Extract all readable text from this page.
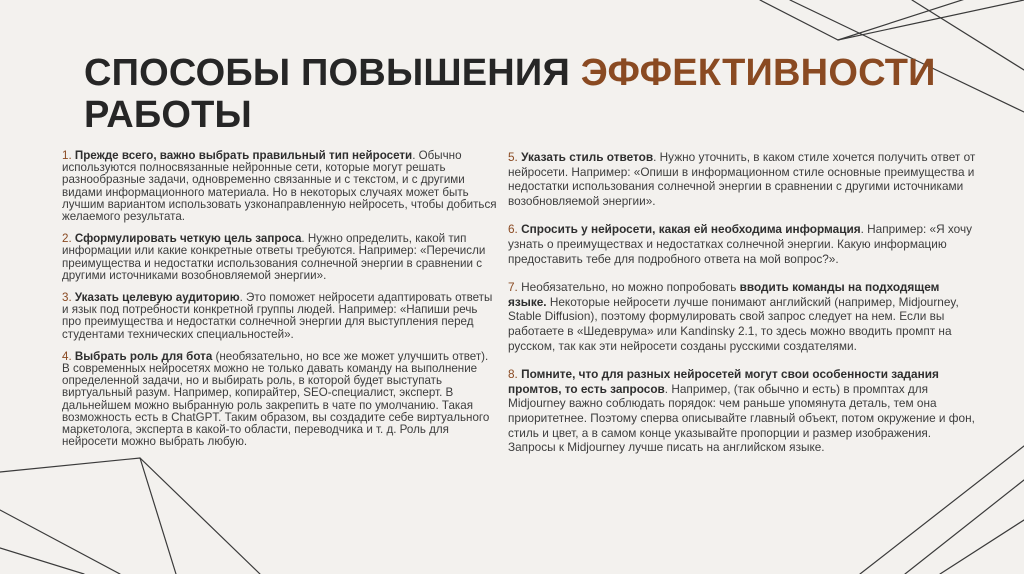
СПОСОБЫ ПОВЫШЕНИЯ ЭФФЕКТИВНОСТИ
РАБОТЫ

1. Прежде всего, важно выбрать правильный тип нейросети. Обычно используются полносвязанные нейронные сети, которые могут решать разнообразные задачи, одновременно связанные и с текстом, и с другими видами информационного материала. Но в некоторых случаях может быть лучшим вариантом использовать узконаправленную нейросеть, чтобы добиться желаемого результата.

2. Сформулировать четкую цель запроса. Нужно определить, какой тип информации или какие конкретные ответы требуются. Например: «Перечисли преимущества и недостатки использования солнечной энергии в сравнении с другими источниками возобновляемой энергии».

3. Указать целевую аудиторию. Это поможет нейросети адаптировать ответы и язык под потребности конкретной группы людей. Например: «Напиши речь про преимущества и недостатки солнечной энергии для выступления перед студентами технических специальностей».

4. Выбрать роль для бота (необязательно, но все же может улучшить ответ). В современных нейросетях можно не только давать команду на выполнение определенной задачи, но и выбирать роль, в которой будет выступать виртуальный разум. Например, копирайтер, SEO-специалист, эксперт. В дальнейшем можно выбранную роль закрепить в чате по умолчанию. Такая возможность есть в ChatGPT. Таким образом, вы создадите себе виртуального маркетолога, эксперта в какой-то области, переводчика и т. д. Роль для нейросети можно выбрать любую.

5. Указать стиль ответов. Нужно уточнить, в каком стиле хочется получить ответ от нейросети. Например: «Опиши в информационном стиле основные преимущества и недостатки использования солнечной энергии в сравнении с другими источниками возобновляемой энергии».

6. Спросить у нейросети, какая ей необходима информация. Например: «Я хочу узнать о преимуществах и недостатках солнечной энергии. Какую информацию предоставить тебе для подробного ответа на мой вопрос?».

7. Необязательно, но можно попробовать вводить команды на подходящем языке. Некоторые нейросети лучше понимают английский (например, Midjourney, Stable Diffusion), поэтому формулировать свой запрос следует на нем. Если вы работаете в «Шедеврума» или Kandinsky 2.1, то здесь можно вводить промпт на русском, так как эти нейросети созданы русскими создателями.

8. Помните, что для разных нейросетей могут свои особенности задания промтов, то есть запросов. Например, (так обычно и есть) в промптах для Midjourney важно соблюдать порядок: чем раньше упомянута деталь, тем она приоритетнее. Поэтому сперва описывайте главный объект, потом окружение и фон, стиль и цвет, а в самом конце указывайте пропорции и размер изображения. Запросы к Midjourney лучше писать на английском языке.
